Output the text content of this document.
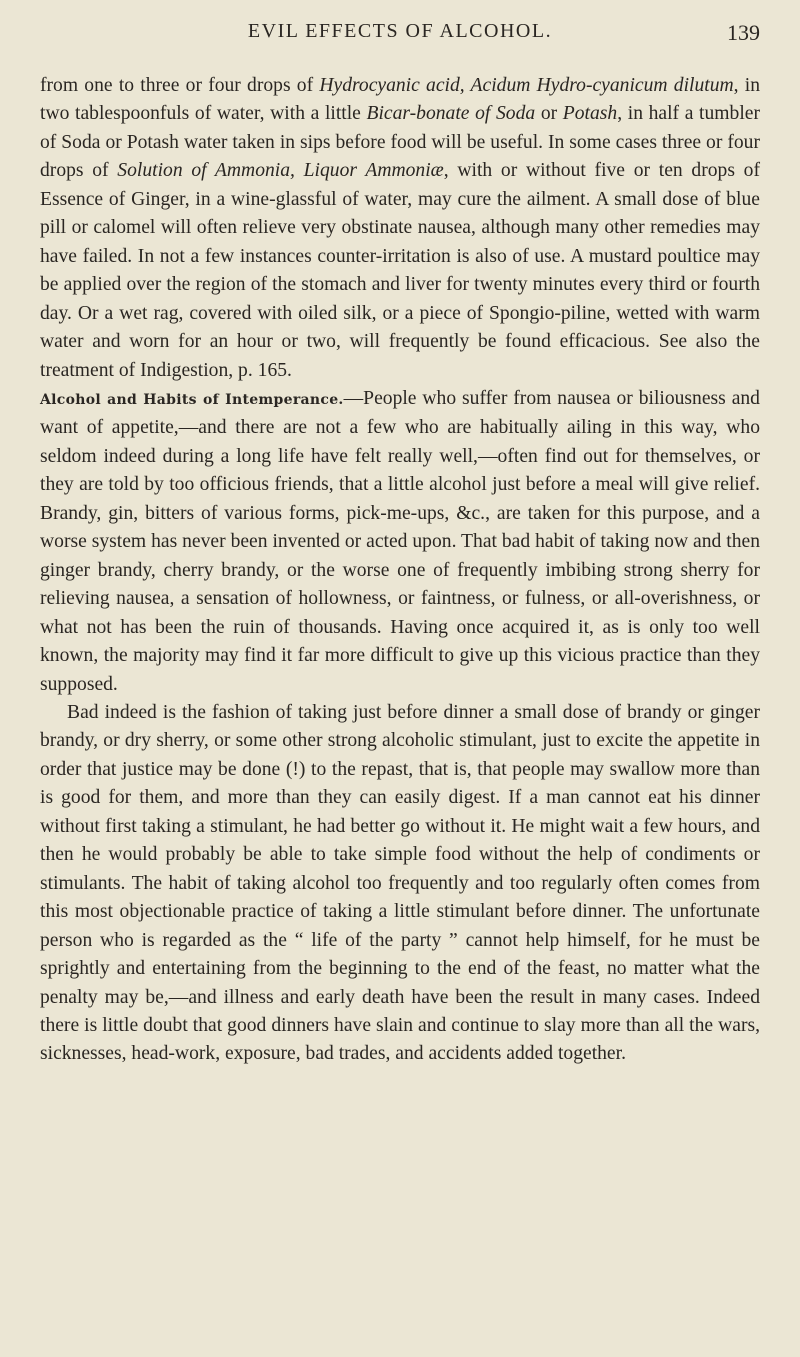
EVIL EFFECTS OF ALCOHOL.	139

from one to three or four drops of Hydrocyanic acid, Acidum Hydro-cyanicum dilutum, in two tablespoonfuls of water, with a little Bicar-bonate of Soda or Potash, in half a tumbler of Soda or Potash water taken in sips before food will be useful. In some cases three or four drops of Solution of Ammonia, Liquor Ammoniæ, with or without five or ten drops of Essence of Ginger, in a wine-glassful of water, may cure the ailment. A small dose of blue pill or calomel will often relieve very obstinate nausea, although many other remedies may have failed. In not a few instances counter-irritation is also of use. A mustard poultice may be applied over the region of the stomach and liver for twenty minutes every third or fourth day. Or a wet rag, covered with oiled silk, or a piece of Spongio-piline, wetted with warm water and worn for an hour or two, will frequently be found efficacious. See also the treatment of Indigestion, p. 165.

Alcohol and Habits of Intemperance.—People who suffer from nausea or biliousness and want of appetite,—and there are not a few who are habitually ailing in this way, who seldom indeed during a long life have felt really well,—often find out for themselves, or they are told by too officious friends, that a little alcohol just before a meal will give relief. Brandy, gin, bitters of various forms, pick-me-ups, &c., are taken for this purpose, and a worse system has never been invented or acted upon. That bad habit of taking now and then ginger brandy, cherry brandy, or the worse one of frequently imbibing strong sherry for relieving nausea, a sensation of hollowness, or faintness, or fulness, or all-overishness, or what not has been the ruin of thousands. Having once acquired it, as is only too well known, the majority may find it far more difficult to give up this vicious practice than they supposed.

Bad indeed is the fashion of taking just before dinner a small dose of brandy or ginger brandy, or dry sherry, or some other strong alcoholic stimulant, just to excite the appetite in order that justice may be done (!) to the repast, that is, that people may swallow more than is good for them, and more than they can easily digest. If a man cannot eat his dinner without first taking a stimulant, he had better go without it. He might wait a few hours, and then he would probably be able to take simple food without the help of condiments or stimulants. The habit of taking alcohol too frequently and too regularly often comes from this most objectionable practice of taking a little stimulant before dinner. The unfortunate person who is regarded as the “ life of the party ” cannot help himself, for he must be sprightly and entertaining from the beginning to the end of the feast, no matter what the penalty may be,—and illness and early death have been the result in many cases. Indeed there is little doubt that good dinners have slain and continue to slay more than all the wars, sicknesses, head-work, exposure, bad trades, and accidents added together.
